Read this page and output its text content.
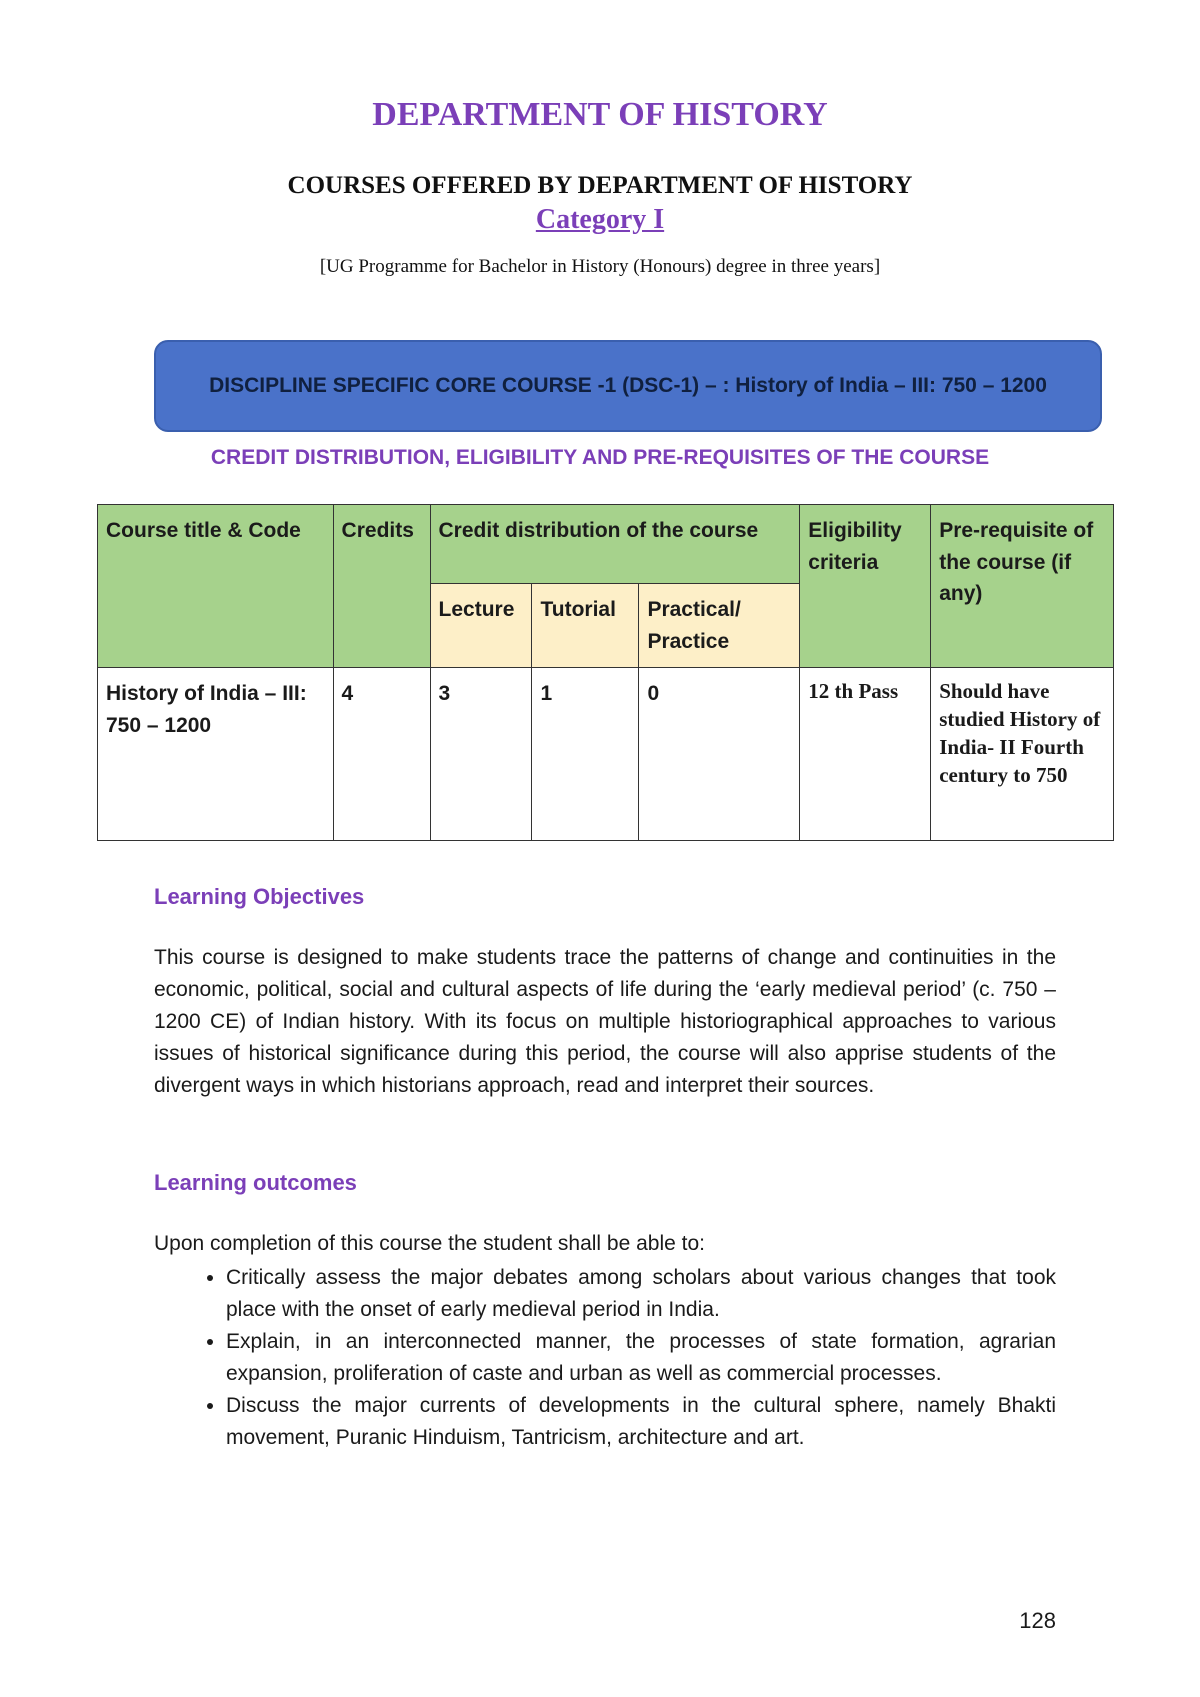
DEPARTMENT OF HISTORY
COURSES OFFERED BY DEPARTMENT OF HISTORY
Category I

[UG Programme for Bachelor in History (Honours) degree in three years]

DISCIPLINE SPECIFIC CORE COURSE -1 (DSC-1) – : History of India – III: 750 – 1200
CREDIT DISTRIBUTION, ELIGIBILITY AND PRE-REQUISITES OF THE COURSE
Course title & Code	Credits	Credit distribution of the course			Eligibility criteria	Pre-requisite of the course (if any)
		Lecture	Tutorial	Practical/ Practice		
History of India – III: 750 – 1200	4	3	1	0	12 th Pass	Should have studied History of India- II Fourth century to 750
Learning Objectives

This course is designed to make students trace the patterns of change and continuities in the economic, political, social and cultural aspects of life during the ‘early medieval period’ (c. 750 – 1200 CE) of Indian history. With its focus on multiple historiographical approaches to various issues of historical significance during this period, the course will also apprise students of the divergent ways in which historians approach, read and interpret their sources.

Learning outcomes

Upon completion of this course the student shall be able to:

• Critically assess the major debates among scholars about various changes that took place with the onset of early medieval period in India.
• Explain, in an interconnected manner, the processes of state formation, agrarian expansion, proliferation of caste and urban as well as commercial processes.
• Discuss the major currents of developments in the cultural sphere, namely Bhakti movement, Puranic Hinduism, Tantricism, architecture and art.

128
